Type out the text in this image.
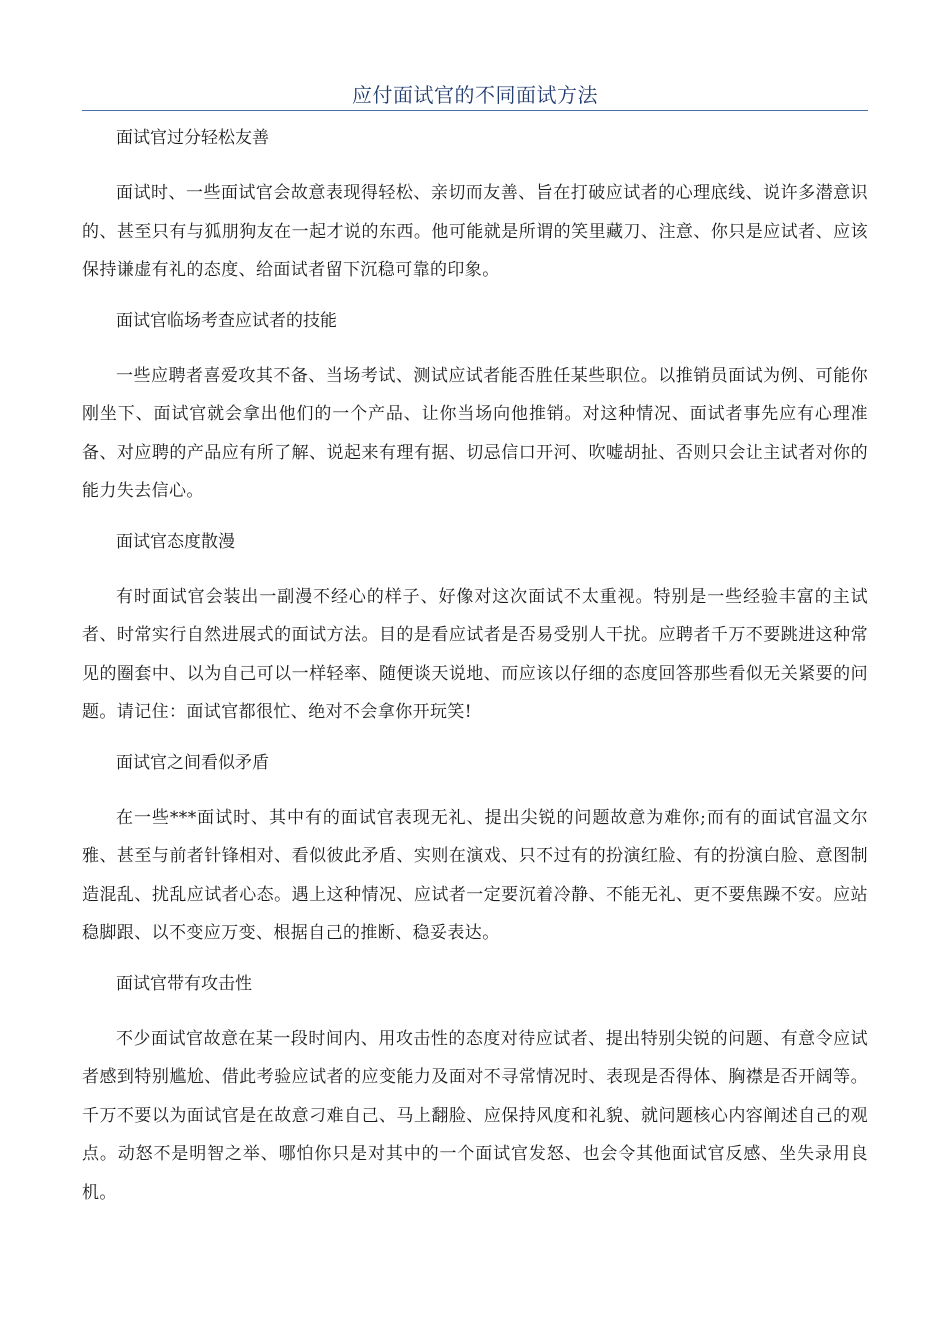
应付面试官的不同面试方法

面试官过分轻松友善

面试时、一些面试官会故意表现得轻松、亲切而友善、旨在打破应试者的心理底线、说许多潜意识的、甚至只有与狐朋狗友在一起才说的东西。他可能就是所谓的笑里藏刀、注意、你只是应试者、应该保持谦虚有礼的态度、给面试者留下沉稳可靠的印象。

面试官临场考查应试者的技能

一些应聘者喜爱攻其不备、当场考试、测试应试者能否胜任某些职位。以推销员面试为例、可能你刚坐下、面试官就会拿出他们的一个产品、让你当场向他推销。对这种情况、面试者事先应有心理准备、对应聘的产品应有所了解、说起来有理有据、切忌信口开河、吹嘘胡扯、否则只会让主试者对你的能力失去信心。

面试官态度散漫

有时面试官会装出一副漫不经心的样子、好像对这次面试不太重视。特别是一些经验丰富的主试者、时常实行自然进展式的面试方法。目的是看应试者是否易受别人干扰。应聘者千万不要跳进这种常见的圈套中、以为自己可以一样轻率、随便谈天说地、而应该以仔细的态度回答那些看似无关紧要的问题。请记住：面试官都很忙、绝对不会拿你开玩笑!

面试官之间看似矛盾

在一些***面试时、其中有的面试官表现无礼、提出尖锐的问题故意为难你;而有的面试官温文尔雅、甚至与前者针锋相对、看似彼此矛盾、实则在演戏、只不过有的扮演红脸、有的扮演白脸、意图制造混乱、扰乱应试者心态。遇上这种情况、应试者一定要沉着冷静、不能无礼、更不要焦躁不安。应站稳脚跟、以不变应万变、根据自己的推断、稳妥表达。

面试官带有攻击性

不少面试官故意在某一段时间内、用攻击性的态度对待应试者、提出特别尖锐的问题、有意令应试者感到特别尴尬、借此考验应试者的应变能力及面对不寻常情况时、表现是否得体、胸襟是否开阔等。千万不要以为面试官是在故意刁难自己、马上翻脸、应保持风度和礼貌、就问题核心内容阐述自己的观点。动怒不是明智之举、哪怕你只是对其中的一个面试官发怒、也会令其他面试官反感、坐失录用良机。
